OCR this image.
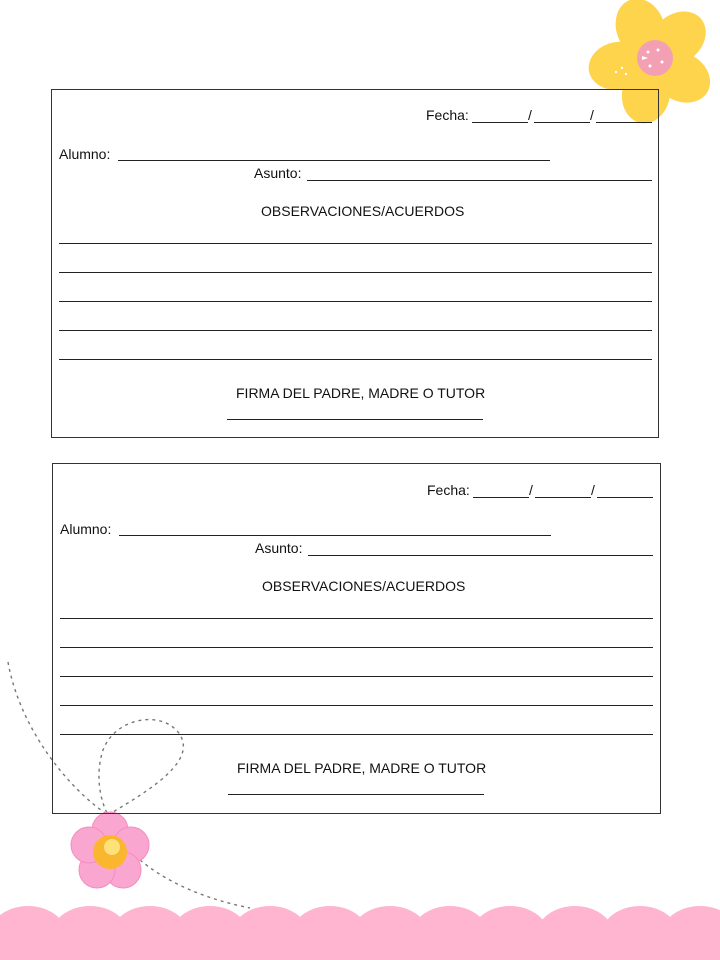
Fecha:	/	/
Alumno:
Asunto:
OBSERVACIONES/ACUERDOS
FIRMA DEL PADRE, MADRE O TUTOR
Fecha:	/	/
Alumno:
Asunto:
OBSERVACIONES/ACUERDOS
FIRMA DEL PADRE, MADRE O TUTOR
